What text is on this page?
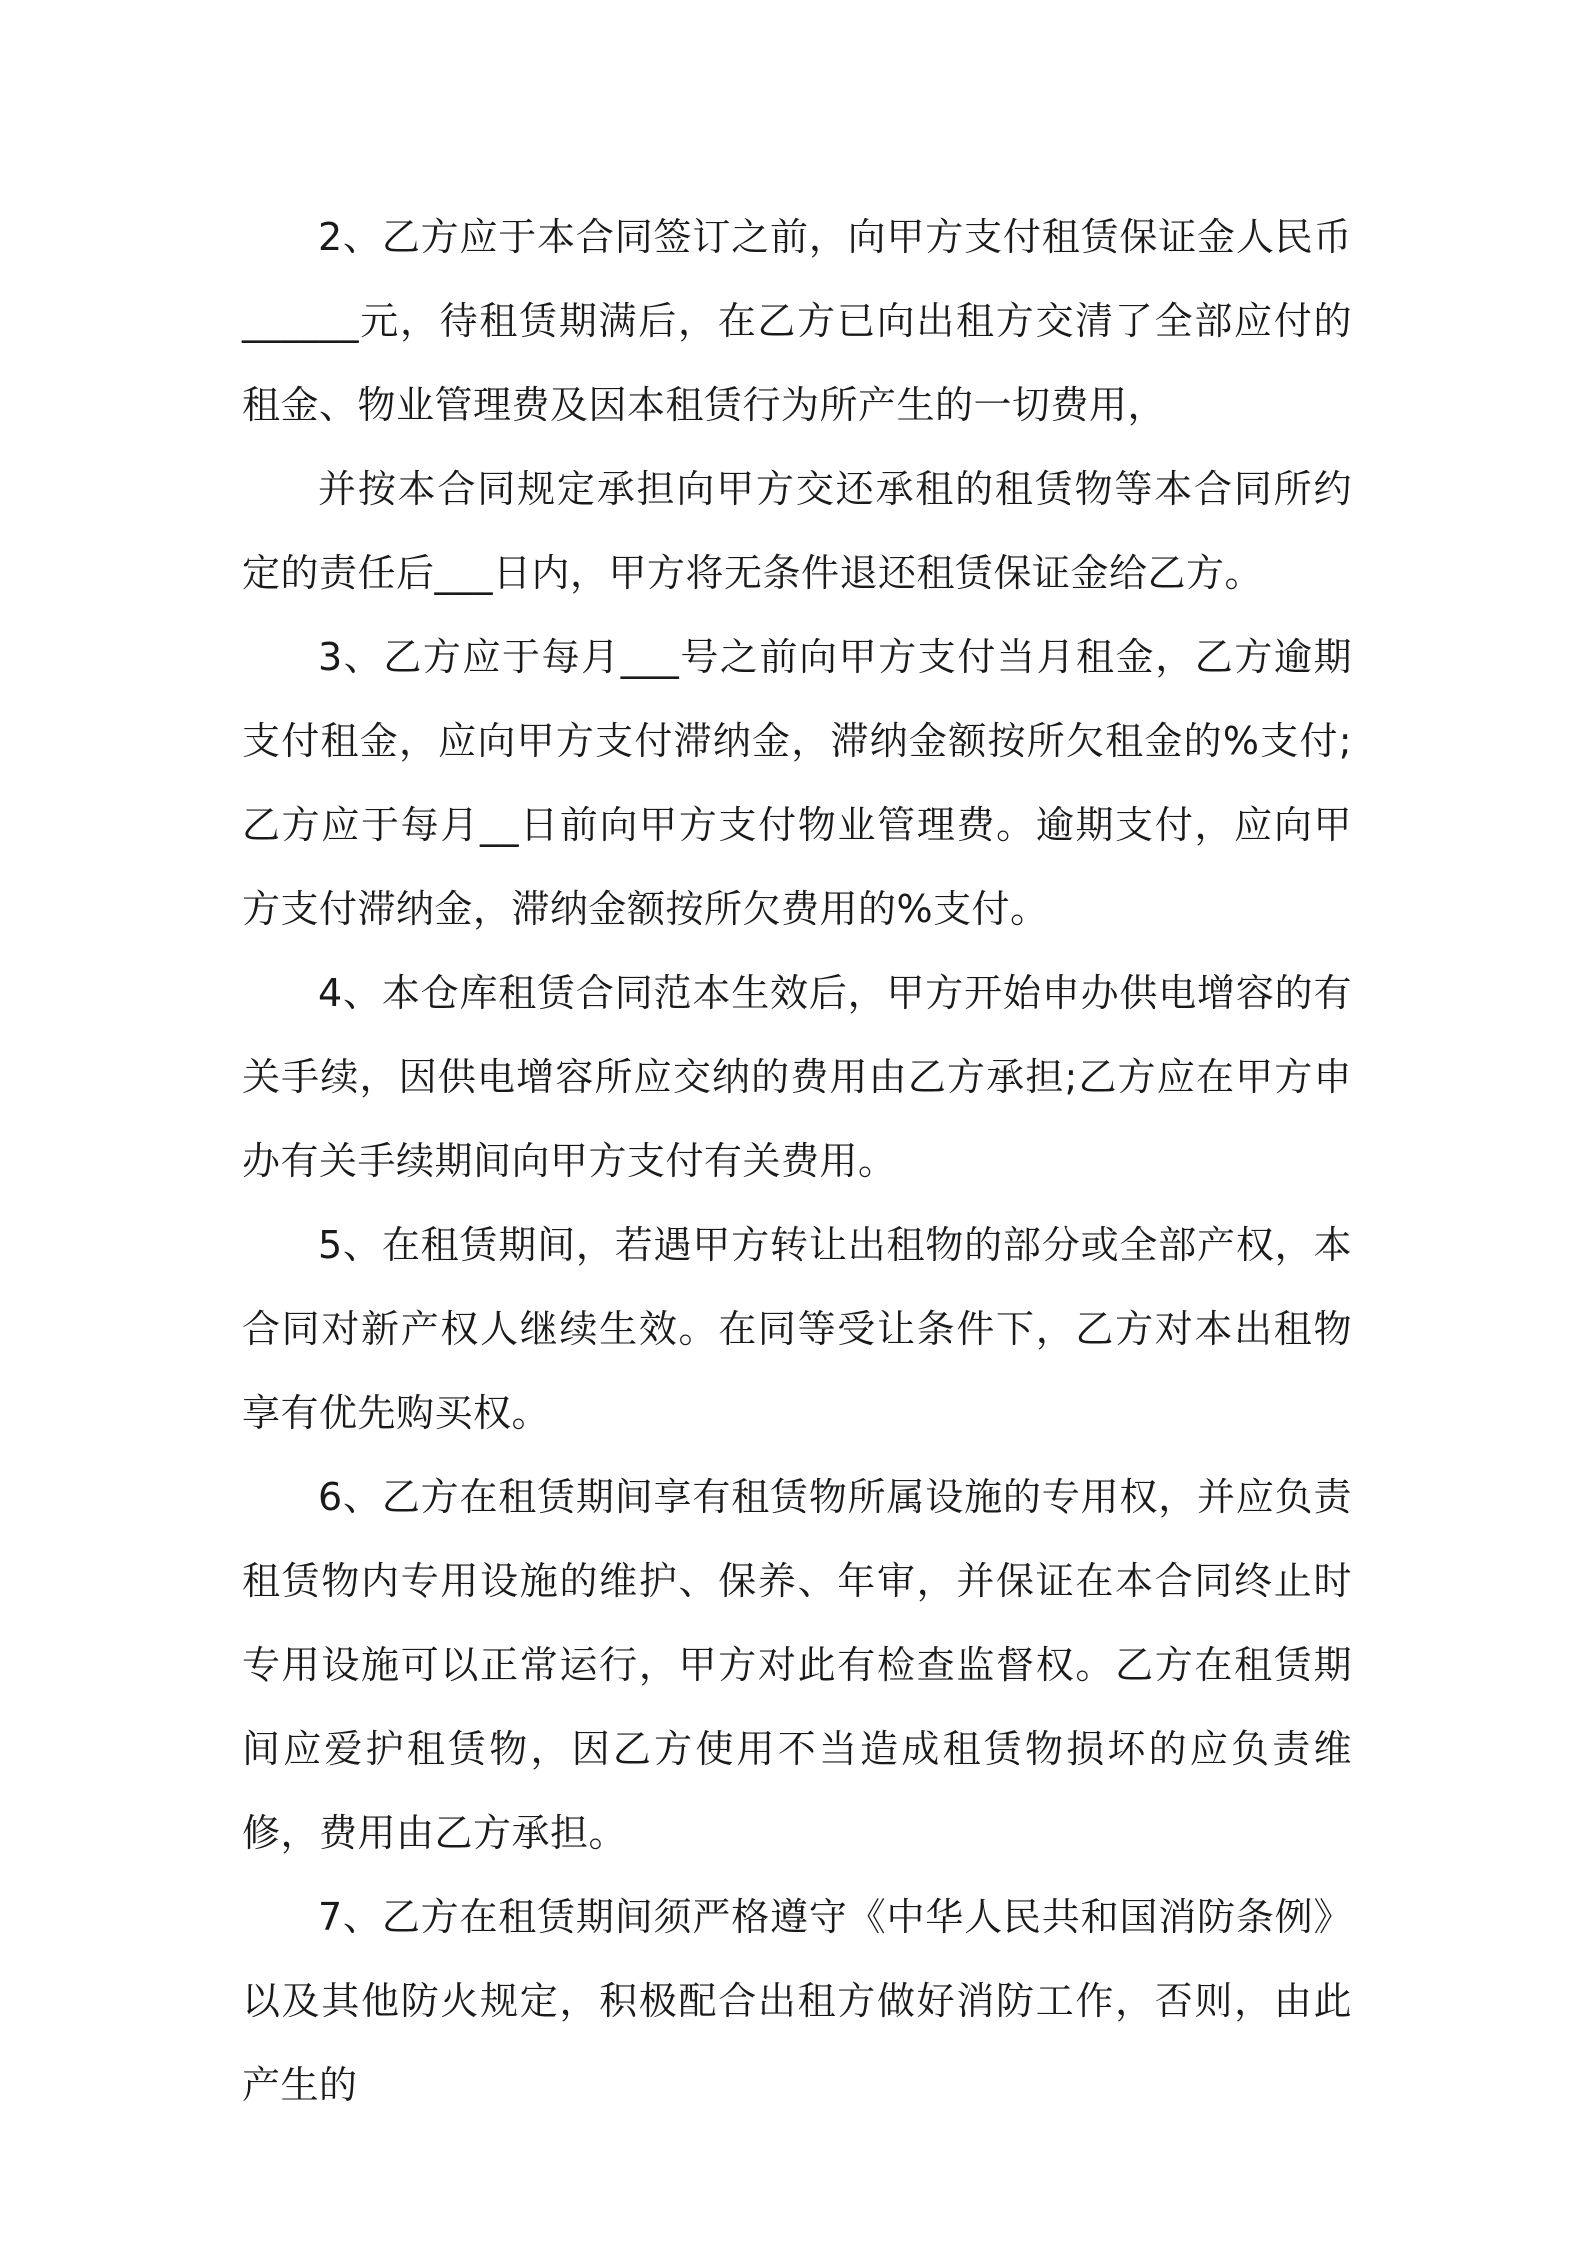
2、乙方应于本合同签订之前，向甲方支付租赁保证金人民币______元，待租赁期满后，在乙方已向出租方交清了全部应付的租金、物业管理费及因本租赁行为所产生的一切费用，

并按本合同规定承担向甲方交还承租的租赁物等本合同所约定的责任后___日内，甲方将无条件退还租赁保证金给乙方。

3、乙方应于每月___号之前向甲方支付当月租金，乙方逾期支付租金，应向甲方支付滞纳金，滞纳金额按所欠租金的%支付;乙方应于每月__日前向甲方支付物业管理费。逾期支付，应向甲方支付滞纳金，滞纳金额按所欠费用的%支付。

4、本仓库租赁合同范本生效后，甲方开始申办供电增容的有关手续，因供电增容所应交纳的费用由乙方承担;乙方应在甲方申办有关手续期间向甲方支付有关费用。

5、在租赁期间，若遇甲方转让出租物的部分或全部产权，本合同对新产权人继续生效。在同等受让条件下，乙方对本出租物享有优先购买权。

6、乙方在租赁期间享有租赁物所属设施的专用权，并应负责租赁物内专用设施的维护、保养、年审，并保证在本合同终止时专用设施可以正常运行，甲方对此有检查监督权。乙方在租赁期间应爱护租赁物，因乙方使用不当造成租赁物损坏的应负责维修，费用由乙方承担。

7、乙方在租赁期间须严格遵守《中华人民共和国消防条例》以及其他防火规定，积极配合出租方做好消防工作，否则，由此产生的
